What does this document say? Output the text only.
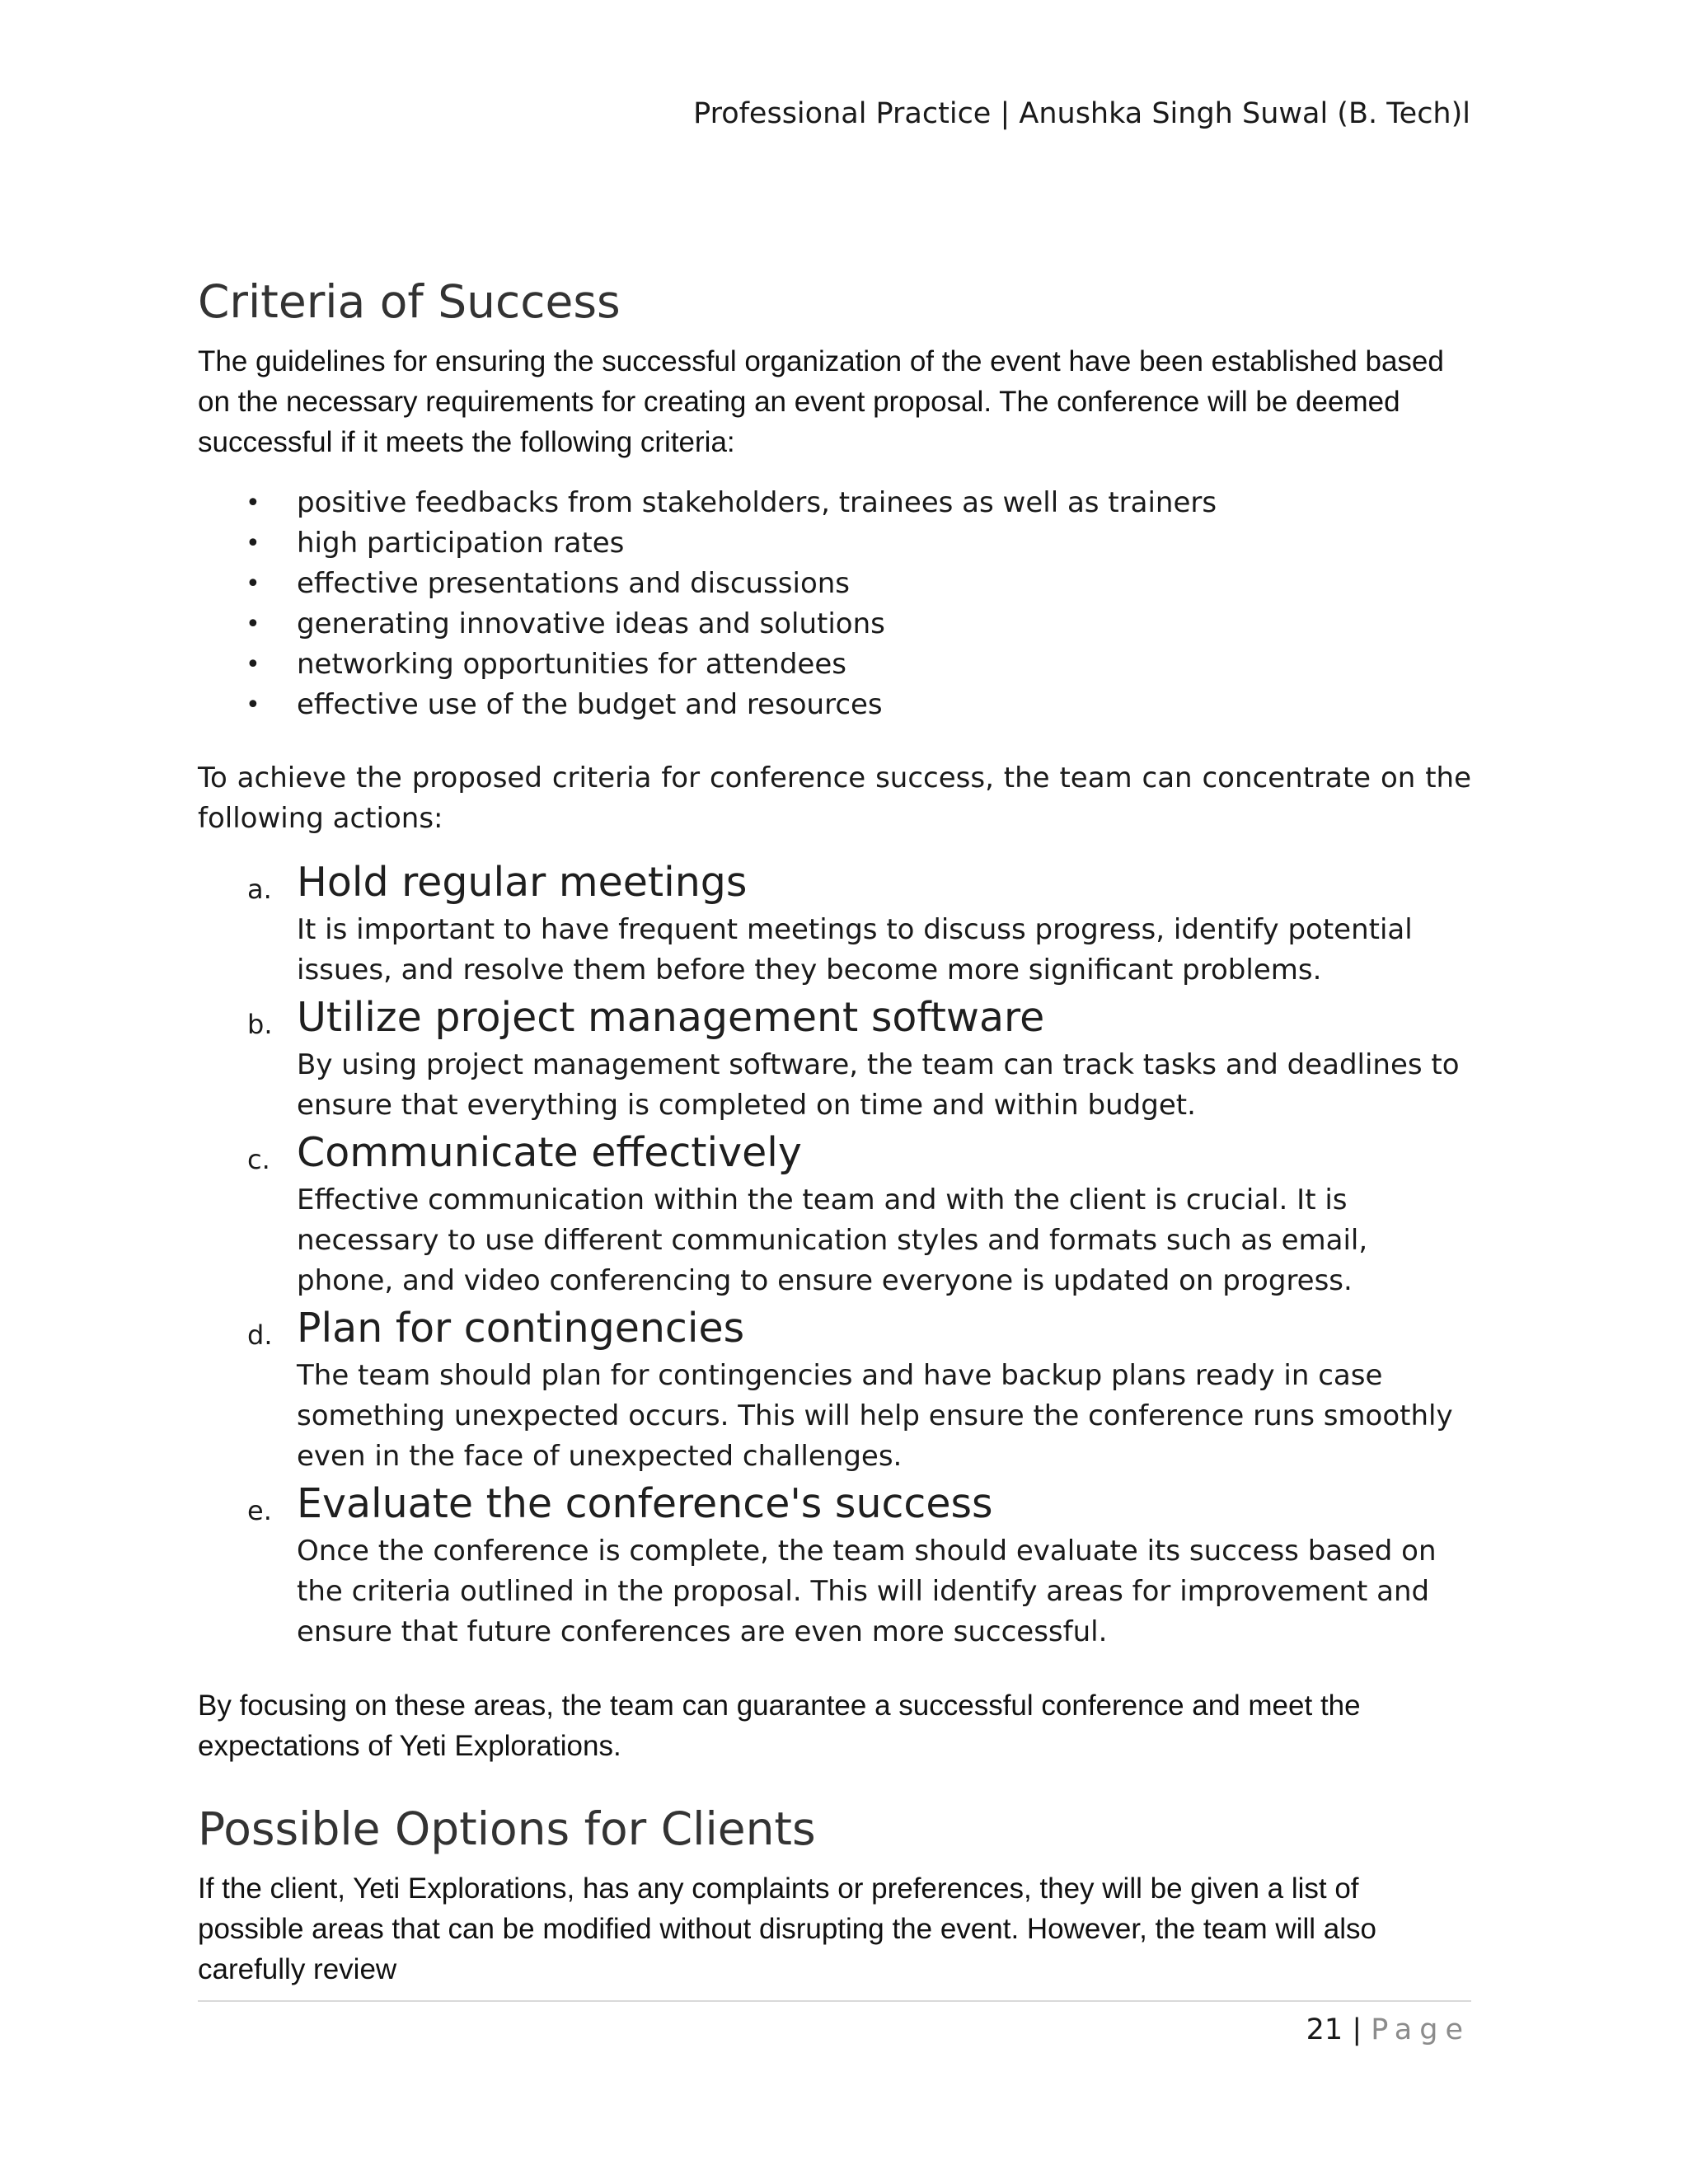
Professional Practice | Anushka Singh Suwal (B. Tech)l
Criteria of Success

The guidelines for ensuring the successful organization of the event have been established based on the necessary requirements for creating an event proposal. The conference will be deemed successful if it meets the following criteria:

• positive feedbacks from stakeholders, trainees as well as trainers
• high participation rates
• effective presentations and discussions
• generating innovative ideas and solutions
• networking opportunities for attendees
• effective use of the budget and resources

To achieve the proposed criteria for conference success, the team can concentrate on the following actions:

a. Hold regular meetings
It is important to have frequent meetings to discuss progress, identify potential issues, and resolve them before they become more significant problems.
b. Utilize project management software
By using project management software, the team can track tasks and deadlines to ensure that everything is completed on time and within budget.
c. Communicate effectively
Effective communication within the team and with the client is crucial. It is necessary to use different communication styles and formats such as email, phone, and video conferencing to ensure everyone is updated on progress.
d. Plan for contingencies
The team should plan for contingencies and have backup plans ready in case something unexpected occurs. This will help ensure the conference runs smoothly even in the face of unexpected challenges.
e. Evaluate the conference's success
Once the conference is complete, the team should evaluate its success based on the criteria outlined in the proposal. This will identify areas for improvement and ensure that future conferences are even more successful.

By focusing on these areas, the team can guarantee a successful conference and meet the expectations of Yeti Explorations.

Possible Options for Clients

If the client, Yeti Explorations, has any complaints or preferences, they will be given a list of possible areas that can be modified without disrupting the event. However, the team will also carefully review

21 | Page
